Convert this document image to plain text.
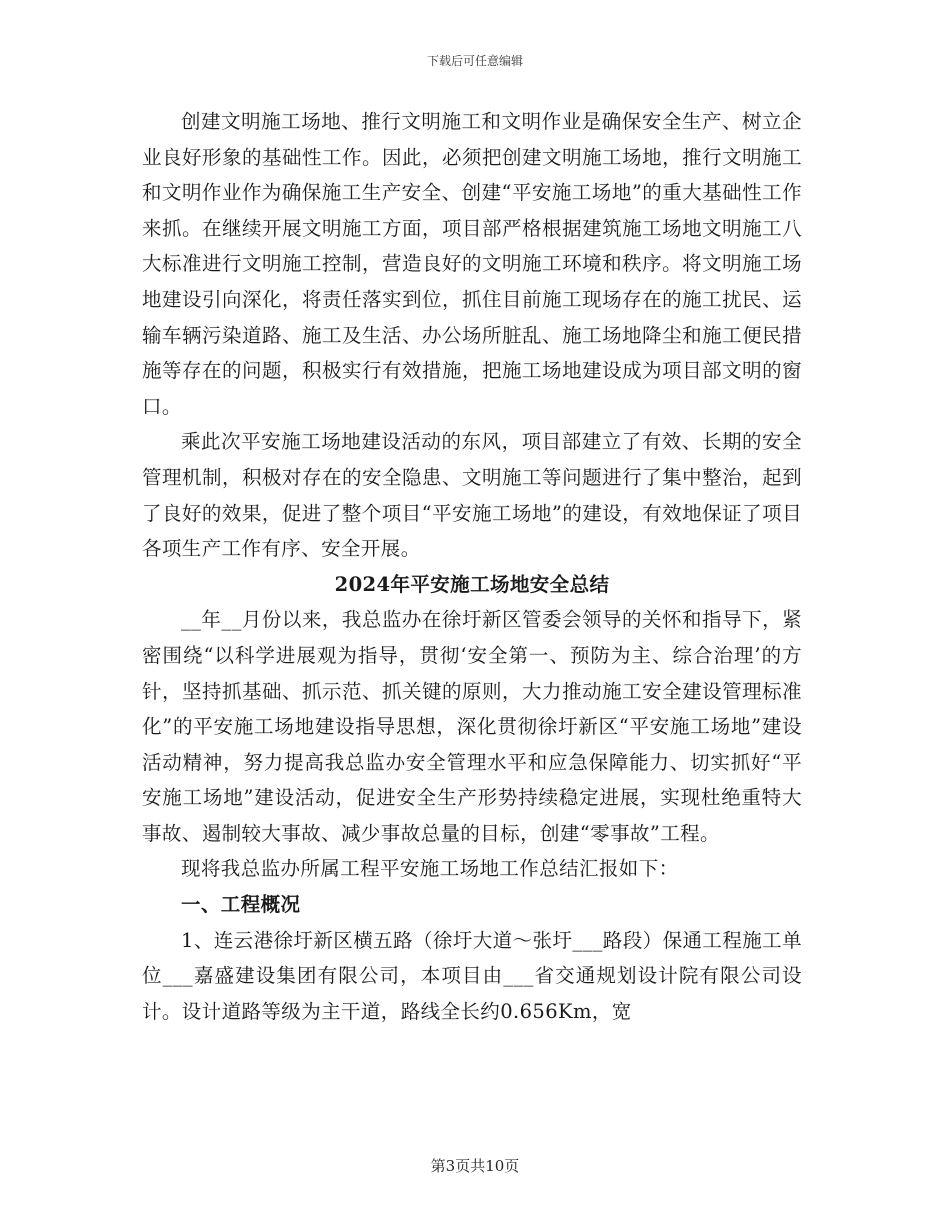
下载后可任意编辑

创建文明施工场地、推行文明施工和文明作业是确保安全生产、树立企业良好形象的基础性工作。因此，必须把创建文明施工场地，推行文明施工和文明作业作为确保施工生产安全、创建“平安施工场地”的重大基础性工作来抓。在继续开展文明施工方面，项目部严格根据建筑施工场地文明施工八大标准进行文明施工控制，营造良好的文明施工环境和秩序。将文明施工场地建设引向深化，将责任落实到位，抓住目前施工现场存在的施工扰民、运输车辆污染道路、施工及生活、办公场所脏乱、施工场地降尘和施工便民措施等存在的问题，积极实行有效措施，把施工场地建设成为项目部文明的窗口。

乘此次平安施工场地建设活动的东风，项目部建立了有效、长期的安全管理机制，积极对存在的安全隐患、文明施工等问题进行了集中整治，起到了良好的效果，促进了整个项目“平安施工场地”的建设，有效地保证了项目各项生产工作有序、安全开展。

2024年平安施工场地安全总结

__年__月份以来，我总监办在徐圩新区管委会领导的关怀和指导下，紧密围绕“以科学进展观为指导，贯彻‘安全第一、预防为主、综合治理’的方针，坚持抓基础、抓示范、抓关键的原则，大力推动施工安全建设管理标准化”的平安施工场地建设指导思想，深化贯彻徐圩新区“平安施工场地”建设活动精神，努力提高我总监办安全管理水平和应急保障能力、切实抓好“平安施工场地”建设活动，促进安全生产形势持续稳定进展，实现杜绝重特大事故、遏制较大事故、减少事故总量的目标，创建“零事故”工程。

现将我总监办所属工程平安施工场地工作总结汇报如下：

一、工程概况

1、连云港徐圩新区横五路（徐圩大道～张圩___路段）保通工程施工单位___嘉盛建设集团有限公司，本项目由___省交通规划设计院有限公司设计。设计道路等级为主干道，路线全长约0.656Km，宽

第3页共10页
